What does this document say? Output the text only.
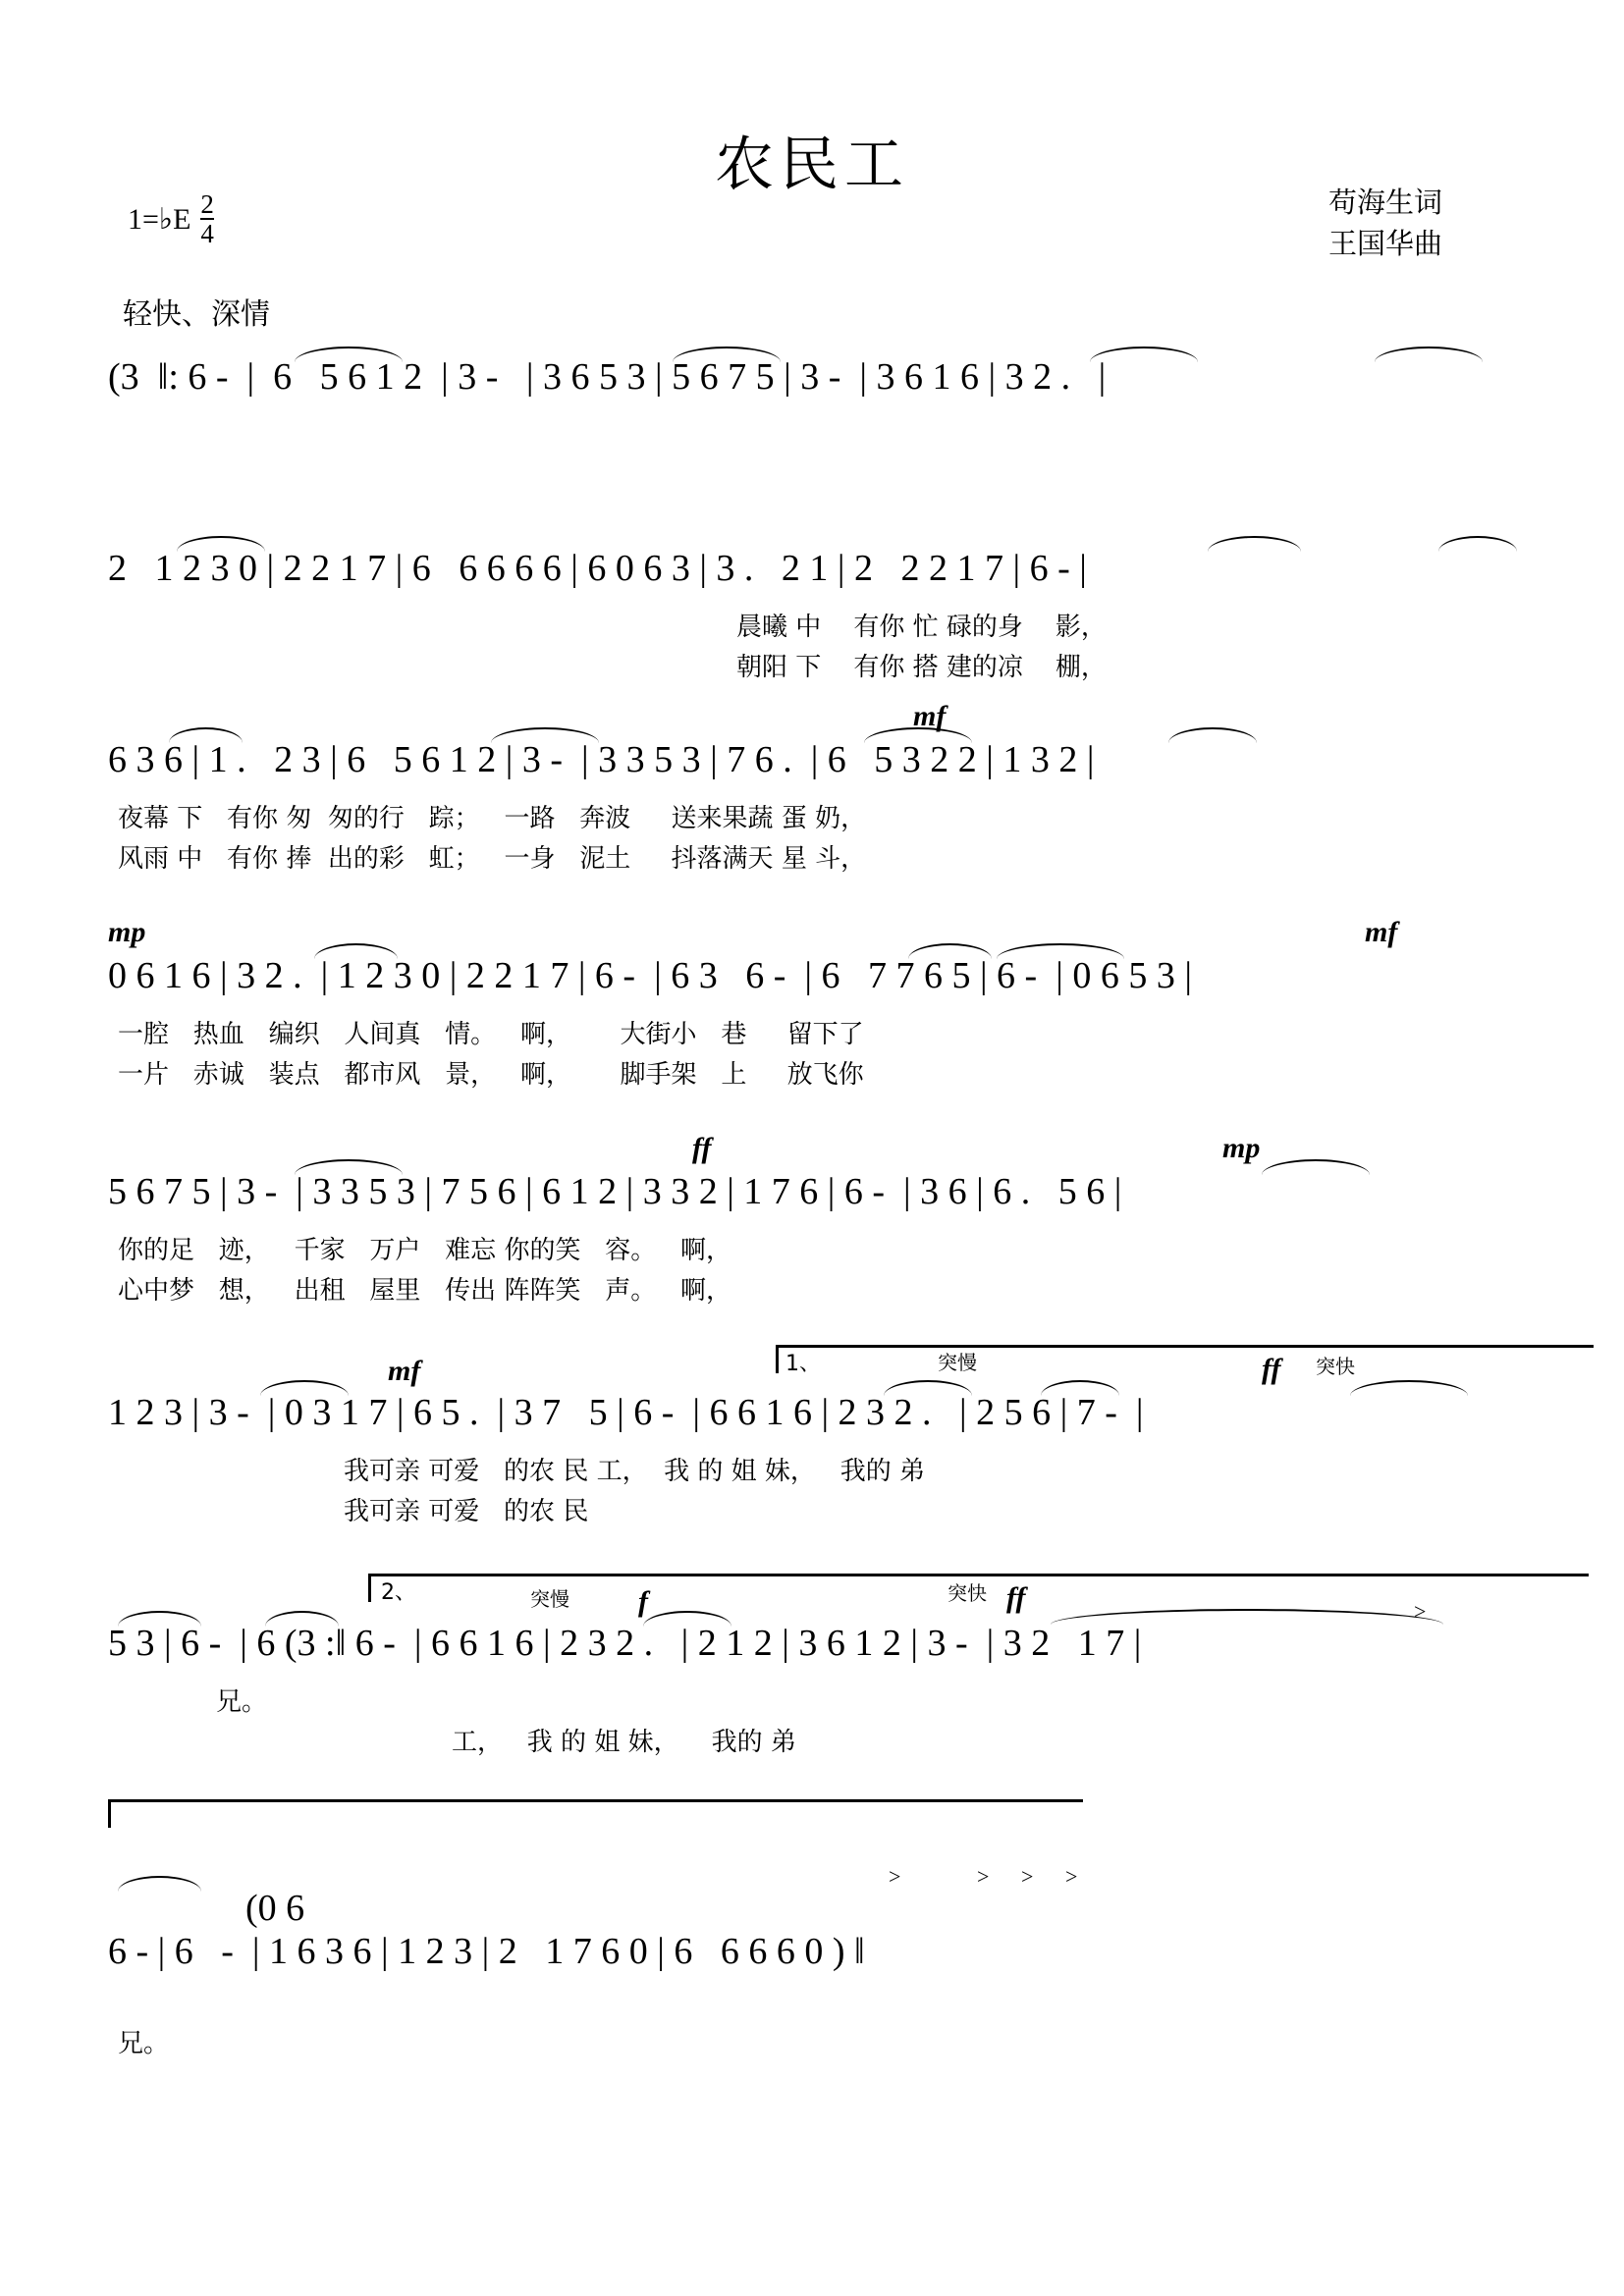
农民工
苟海生词
王国华曲
1=♭E $\frac{2}{4}$
轻快、深情
(3  ‖: 6 -  |  6   5 6 1 2  | 3 -   | 3 6 5 3 | 5 6 7 5 | 3 -  | 3 6 1 6 | 3 2 .   |
2   1 2 3 0 | 2 2 1 7 | 6   6 6 6 6 | 6 0 6 3 | 3 .   2 1 | 2   2 2 1 7 | 6 - |
晨曦 中    有你 忙 碌的身    影，
朝阳 下    有你 搭 建的凉    棚，
mf
6 3 6 | 1 .   2 3 | 6   5 6 1 2 | 3 -  | 3 3 5 3 | 7 6 .  | 6   5 3 2 2 | 1 3 2 |
夜幕 下   有你 匆  匆的行   踪；   一路   奔波     送来果蔬 蛋 奶，
风雨 中   有你 捧  出的彩   虹；   一身   泥土     抖落满天 星 斗，
mp	mf
0 6 1 6 | 3 2 .  | 1 2 3 0 | 2 2 1 7 | 6 -  | 6 3   6 -  | 6   7 7 6 5 | 6 -  | 0 6 5 3 |
一腔   热血   编织   人间真   情。   啊，      大街小   巷     留下了
一片   赤诚   装点   都市风   景，   啊，      脚手架   上     放飞你
ff	mp
5 6 7 5 | 3 -  | 3 3 5 3 | 7 5 6 | 6 1 2 | 3 3 2 | 1 7 6 | 6 -  | 3 6 | 6 .   5 6 |
你的足   迹，   千家   万户   难忘 你的笑   容。   啊，
心中梦   想，   出租   屋里   传出 阵阵笑   声。   啊，
1、	突慢	突快
mf	ff
1 2 3 | 3 -  | 0 3 1 7 | 6 5 .  | 3 7   5 | 6 -  | 6 6 1 6 | 2 3 2 .   | 2 5 6 | 7 -  |
我可亲 可爱   的农 民 工，  我 的 姐 妹，   我的 弟
我可亲 可爱   的农 民
2、	突慢	突快
f	ff	>
5 3 | 6 -  | 6 (3 :‖ 6 -  | 6 6 1 6 | 2 3 2 .   | 2 1 2 | 3 6 1 2 | 3 -  | 3 2   1 7 |
兄。
工，   我 的 姐 妹，    我的 弟
(0 6
>	> > >
6 - | 6   -  | 1 6 3 6 | 1 2 3 | 2   1 7 6 0 | 6   6 6 6 0 ) ‖
兄。
